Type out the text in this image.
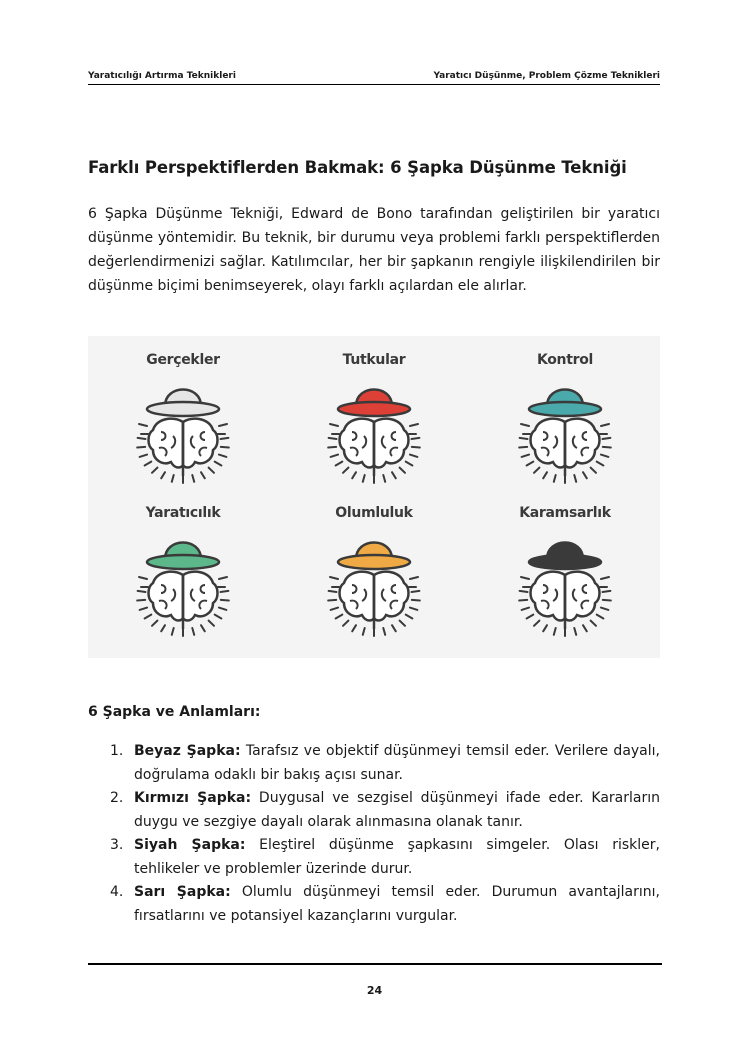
Yaratıcılığı Artırma Teknikleri	Yaratıcı Düşünme, Problem Çözme Teknikleri
Farklı Perspektiflerden Bakmak: 6 Şapka Düşünme Tekniği

6 Şapka Düşünme Tekniği, Edward de Bono tarafından geliştirilen bir yaratıcı düşünme yöntemidir. Bu teknik, bir durumu veya problemi farklı perspektiflerden değerlendirmenizi sağlar. Katılımcılar, her bir şapkanın rengiyle ilişkilendirilen bir düşünme biçimi benimseyerek, olayı farklı açılardan ele alırlar.

Gerçekler	Tutkular	Kontrol
Yaratıcılık	Olumluluk	Karamsarlık
6 Şapka ve Anlamları:
1. Beyaz Şapka: Tarafsız ve objektif düşünmeyi temsil eder. Verilere dayalı, doğrulama odaklı bir bakış açısı sunar.
2. Kırmızı Şapka: Duygusal ve sezgisel düşünmeyi ifade eder. Kararların duygu ve sezgiye dayalı olarak alınmasına olanak tanır.
3. Siyah Şapka: Eleştirel düşünme şapkasını simgeler. Olası riskler, tehlikeler ve problemler üzerinde durur.
4. Sarı Şapka: Olumlu düşünmeyi temsil eder. Durumun avantajlarını, fırsatlarını ve potansiyel kazançlarını vurgular.
24
